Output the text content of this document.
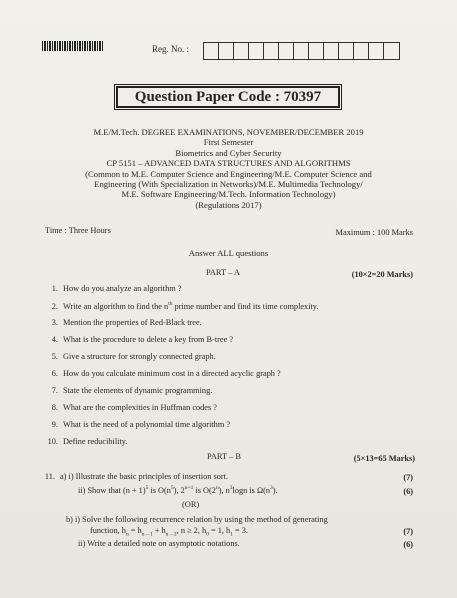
Reg. No. :
Question Paper Code : 70397
M.E/M.Tech. DEGREE EXAMINATIONS, NOVEMBER/DECEMBER 2019
First Semester
Biometrics and Cyber Security
CP 5151 – ADVANCED DATA STRUCTURES AND ALGORITHMS
(Common to M.E. Computer Science and Engineering/M.E. Computer Science and
Engineering (With Specialization in Networks)/M.E. Multimedia Technology/
M.E. Software Engineering/M.Tech. Information Technology)
(Regulations 2017)
Time : Three Hours	Maximum : 100 Marks
Answer ALL questions
PART – A	(10×2=20 Marks)
1. How do you analyze an algorithm ?
2. Write an algorithm to find the $n^{th}$ prime number and find its time complexity.
3. Mention the properties of Red-Black tree.
4. What is the procedure to delete a key from B-tree ?
5. Give a structure for strongly connected graph.
6. How do you calculate minimum cost in a directed acyclic graph ?
7. State the elements of dynamic programming.
8. What are the complexities in Huffman codes ?
9. What is the need of a polynomial time algorithm ?
10. Define reducibility.
PART – B	(5×13=65 Marks)
11. a) i) Illustrate the basic principles of insertion sort.	(7)
ii) Show that $(n + 1)^5$ is $O(n^5)$, $2^{n+1}$ is O(2$^n$), $n^3\log n$ is $\Omega(n^3)$.	(6)
(OR)
b) i) Solve the following recurrence relation by using the method of generating
function, $h_n = h_{n - 1} + h_{n - 2}$, n ≥ 2, $h_0 = 1$, $h_1 = 3$.	(7)
ii) Write a detailed note on asymptotic notations.	(6)
